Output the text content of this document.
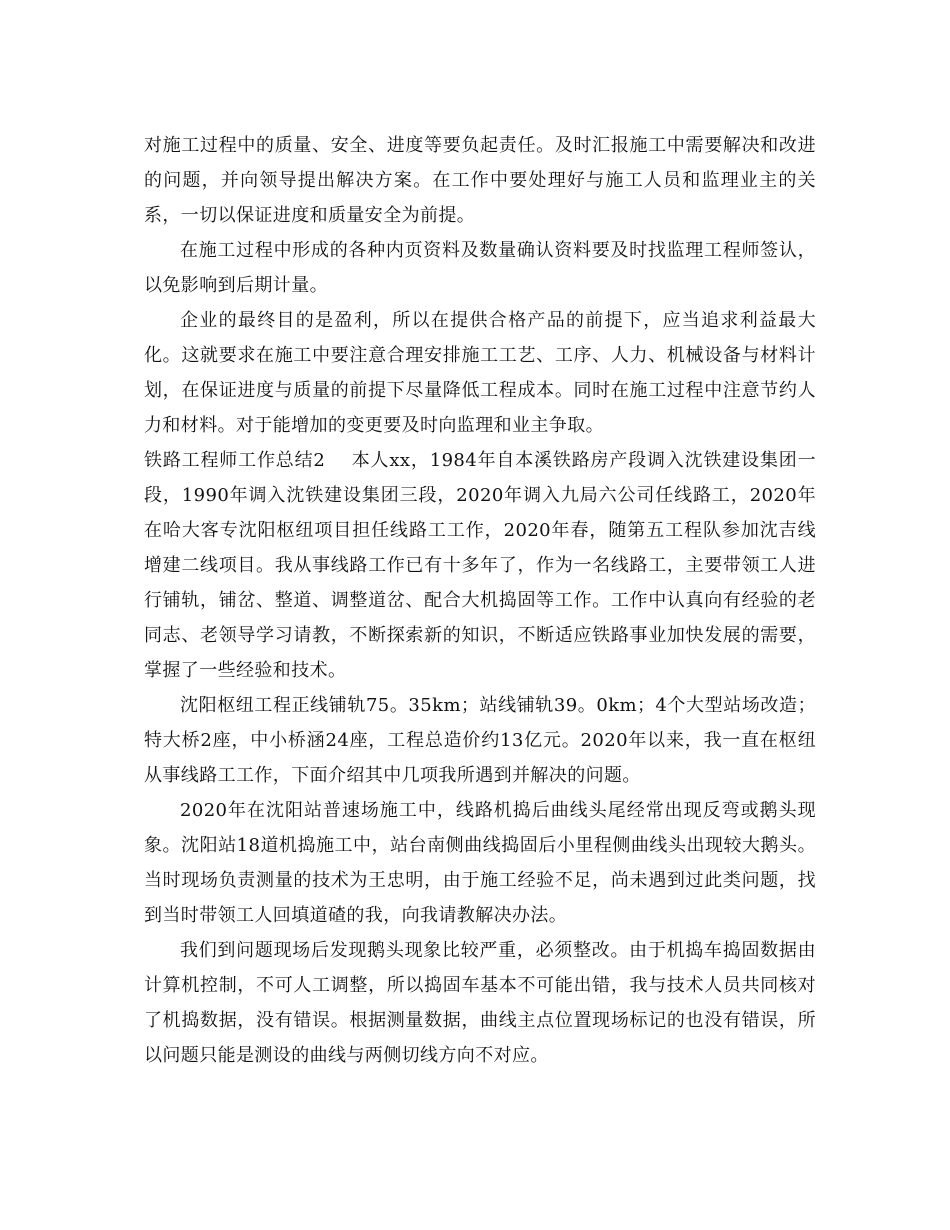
对施工过程中的质量、安全、进度等要负起责任。及时汇报施工中需要解决和改进的问题，并向领导提出解决方案。在工作中要处理好与施工人员和监理业主的关系，一切以保证进度和质量安全为前提。

在施工过程中形成的各种内页资料及数量确认资料要及时找监理工程师签认，以免影响到后期计量。

企业的最终目的是盈利，所以在提供合格产品的前提下，应当追求利益最大化。这就要求在施工中要注意合理安排施工工艺、工序、人力、机械设备与材料计划，在保证进度与质量的前提下尽量降低工程成本。同时在施工过程中注意节约人力和材料。对于能增加的变更要及时向监理和业主争取。

铁路工程师工作总结2 本人xx，1984年自本溪铁路房产段调入沈铁建设集团一段，1990年调入沈铁建设集团三段，2020年调入九局六公司任线路工，2020年在哈大客专沈阳枢纽项目担任线路工工作，2020年春，随第五工程队参加沈吉线增建二线项目。我从事线路工作已有十多年了，作为一名线路工，主要带领工人进行铺轨，铺岔、整道、调整道岔、配合大机捣固等工作。工作中认真向有经验的老同志、老领导学习请教，不断探索新的知识，不断适应铁路事业加快发展的需要，掌握了一些经验和技术。

沈阳枢纽工程正线铺轨75。35km；站线铺轨39。0km；4个大型站场改造；特大桥2座，中小桥涵24座，工程总造价约13亿元。2020年以来，我一直在枢纽从事线路工工作，下面介绍其中几项我所遇到并解决的问题。

2020年在沈阳站普速场施工中，线路机捣后曲线头尾经常出现反弯或鹅头现象。沈阳站18道机捣施工中，站台南侧曲线捣固后小里程侧曲线头出现较大鹅头。当时现场负责测量的技术为王忠明，由于施工经验不足，尚未遇到过此类问题，找到当时带领工人回填道碴的我，向我请教解决办法。

我们到问题现场后发现鹅头现象比较严重，必须整改。由于机捣车捣固数据由计算机控制，不可人工调整，所以捣固车基本不可能出错，我与技术人员共同核对了机捣数据，没有错误。根据测量数据，曲线主点位置现场标记的也没有错误，所以问题只能是测设的曲线与两侧切线方向不对应。
